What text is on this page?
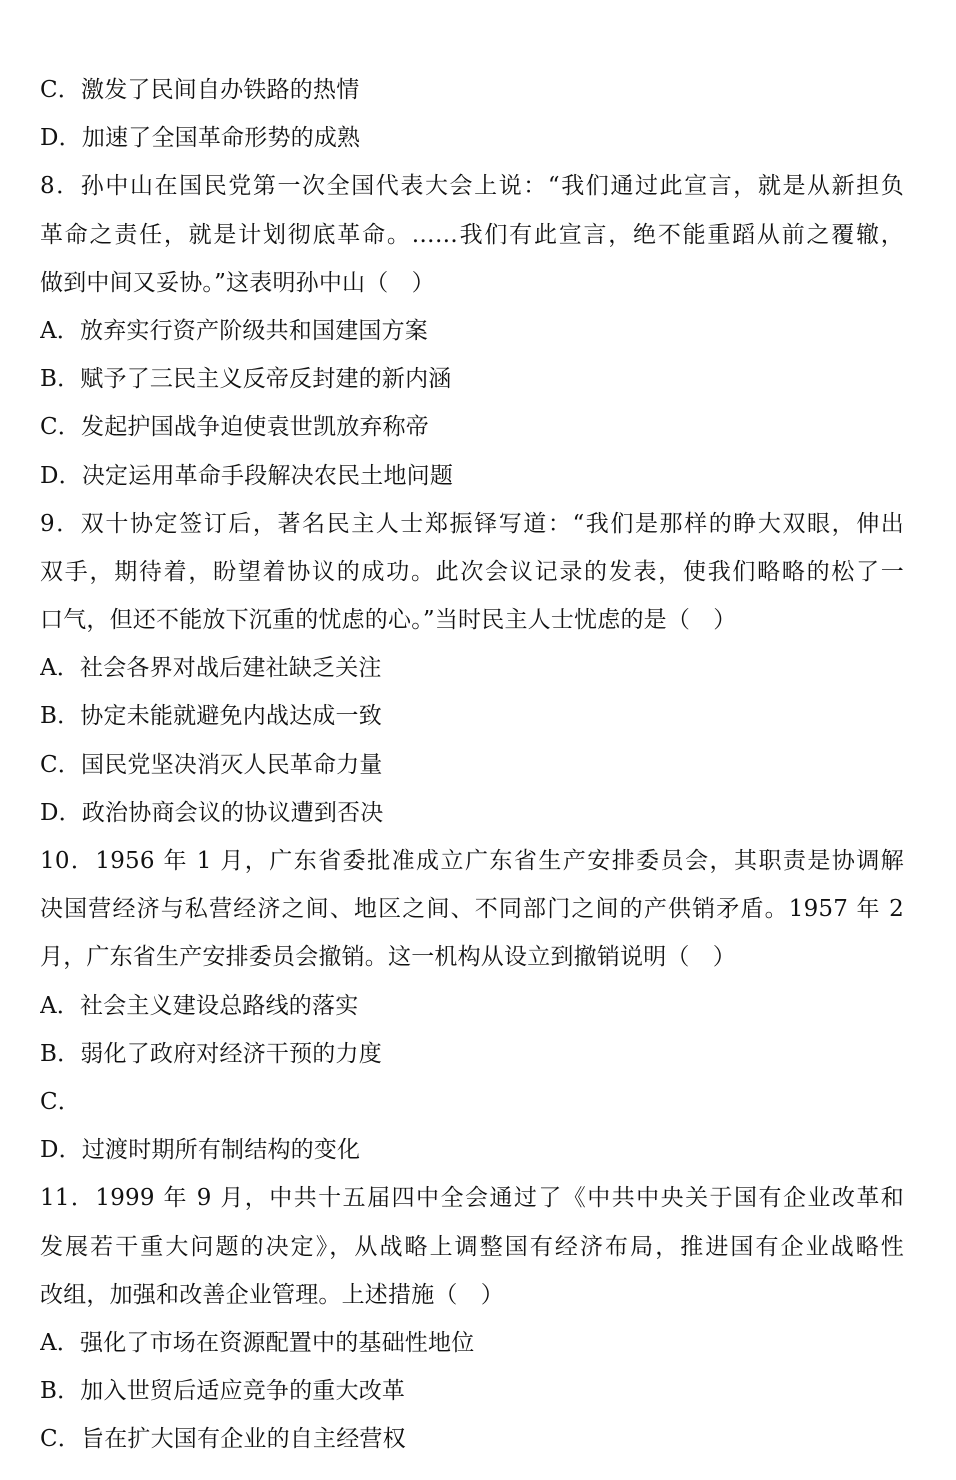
C．激发了民间自办铁路的热情
D．加速了全国革命形势的成熟
8．孙中山在国民党第一次全国代表大会上说：“我们通过此宣言，就是从新担负
革命之责任，就是计划彻底革命。……我们有此宣言，绝不能重蹈从前之覆辙，
做到中间又妥协。”这表明孙中山（　）
A．放弃实行资产阶级共和国建国方案
B．赋予了三民主义反帝反封建的新内涵
C．发起护国战争迫使袁世凯放弃称帝
D．决定运用革命手段解决农民土地问题
9．双十协定签订后，著名民主人士郑振铎写道：“我们是那样的睁大双眼，伸出
双手，期待着，盼望着协议的成功。此次会议记录的发表，使我们略略的松了一
口气，但还不能放下沉重的忧虑的心。”当时民主人士忧虑的是（　）
A．社会各界对战后建社缺乏关注
B．协定未能就避免内战达成一致
C．国民党坚决消灭人民革命力量
D．政治协商会议的协议遭到否决
10．1956 年 1 月，广东省委批准成立广东省生产安排委员会，其职责是协调解
决国营经济与私营经济之间、地区之间、不同部门之间的产供销矛盾。1957 年 2
月，广东省生产安排委员会撤销。这一机构从设立到撤销说明（　）
A．社会主义建设总路线的落实
B．弱化了政府对经济干预的力度
C．
D．过渡时期所有制结构的变化
11．1999 年 9 月，中共十五届四中全会通过了《中共中央关于国有企业改革和
发展若干重大问题的决定》，从战略上调整国有经济布局，推进国有企业战略性
改组，加强和改善企业管理。上述措施（　）
A．强化了市场在资源配置中的基础性地位
B．加入世贸后适应竞争的重大改革
C．旨在扩大国有企业的自主经营权
